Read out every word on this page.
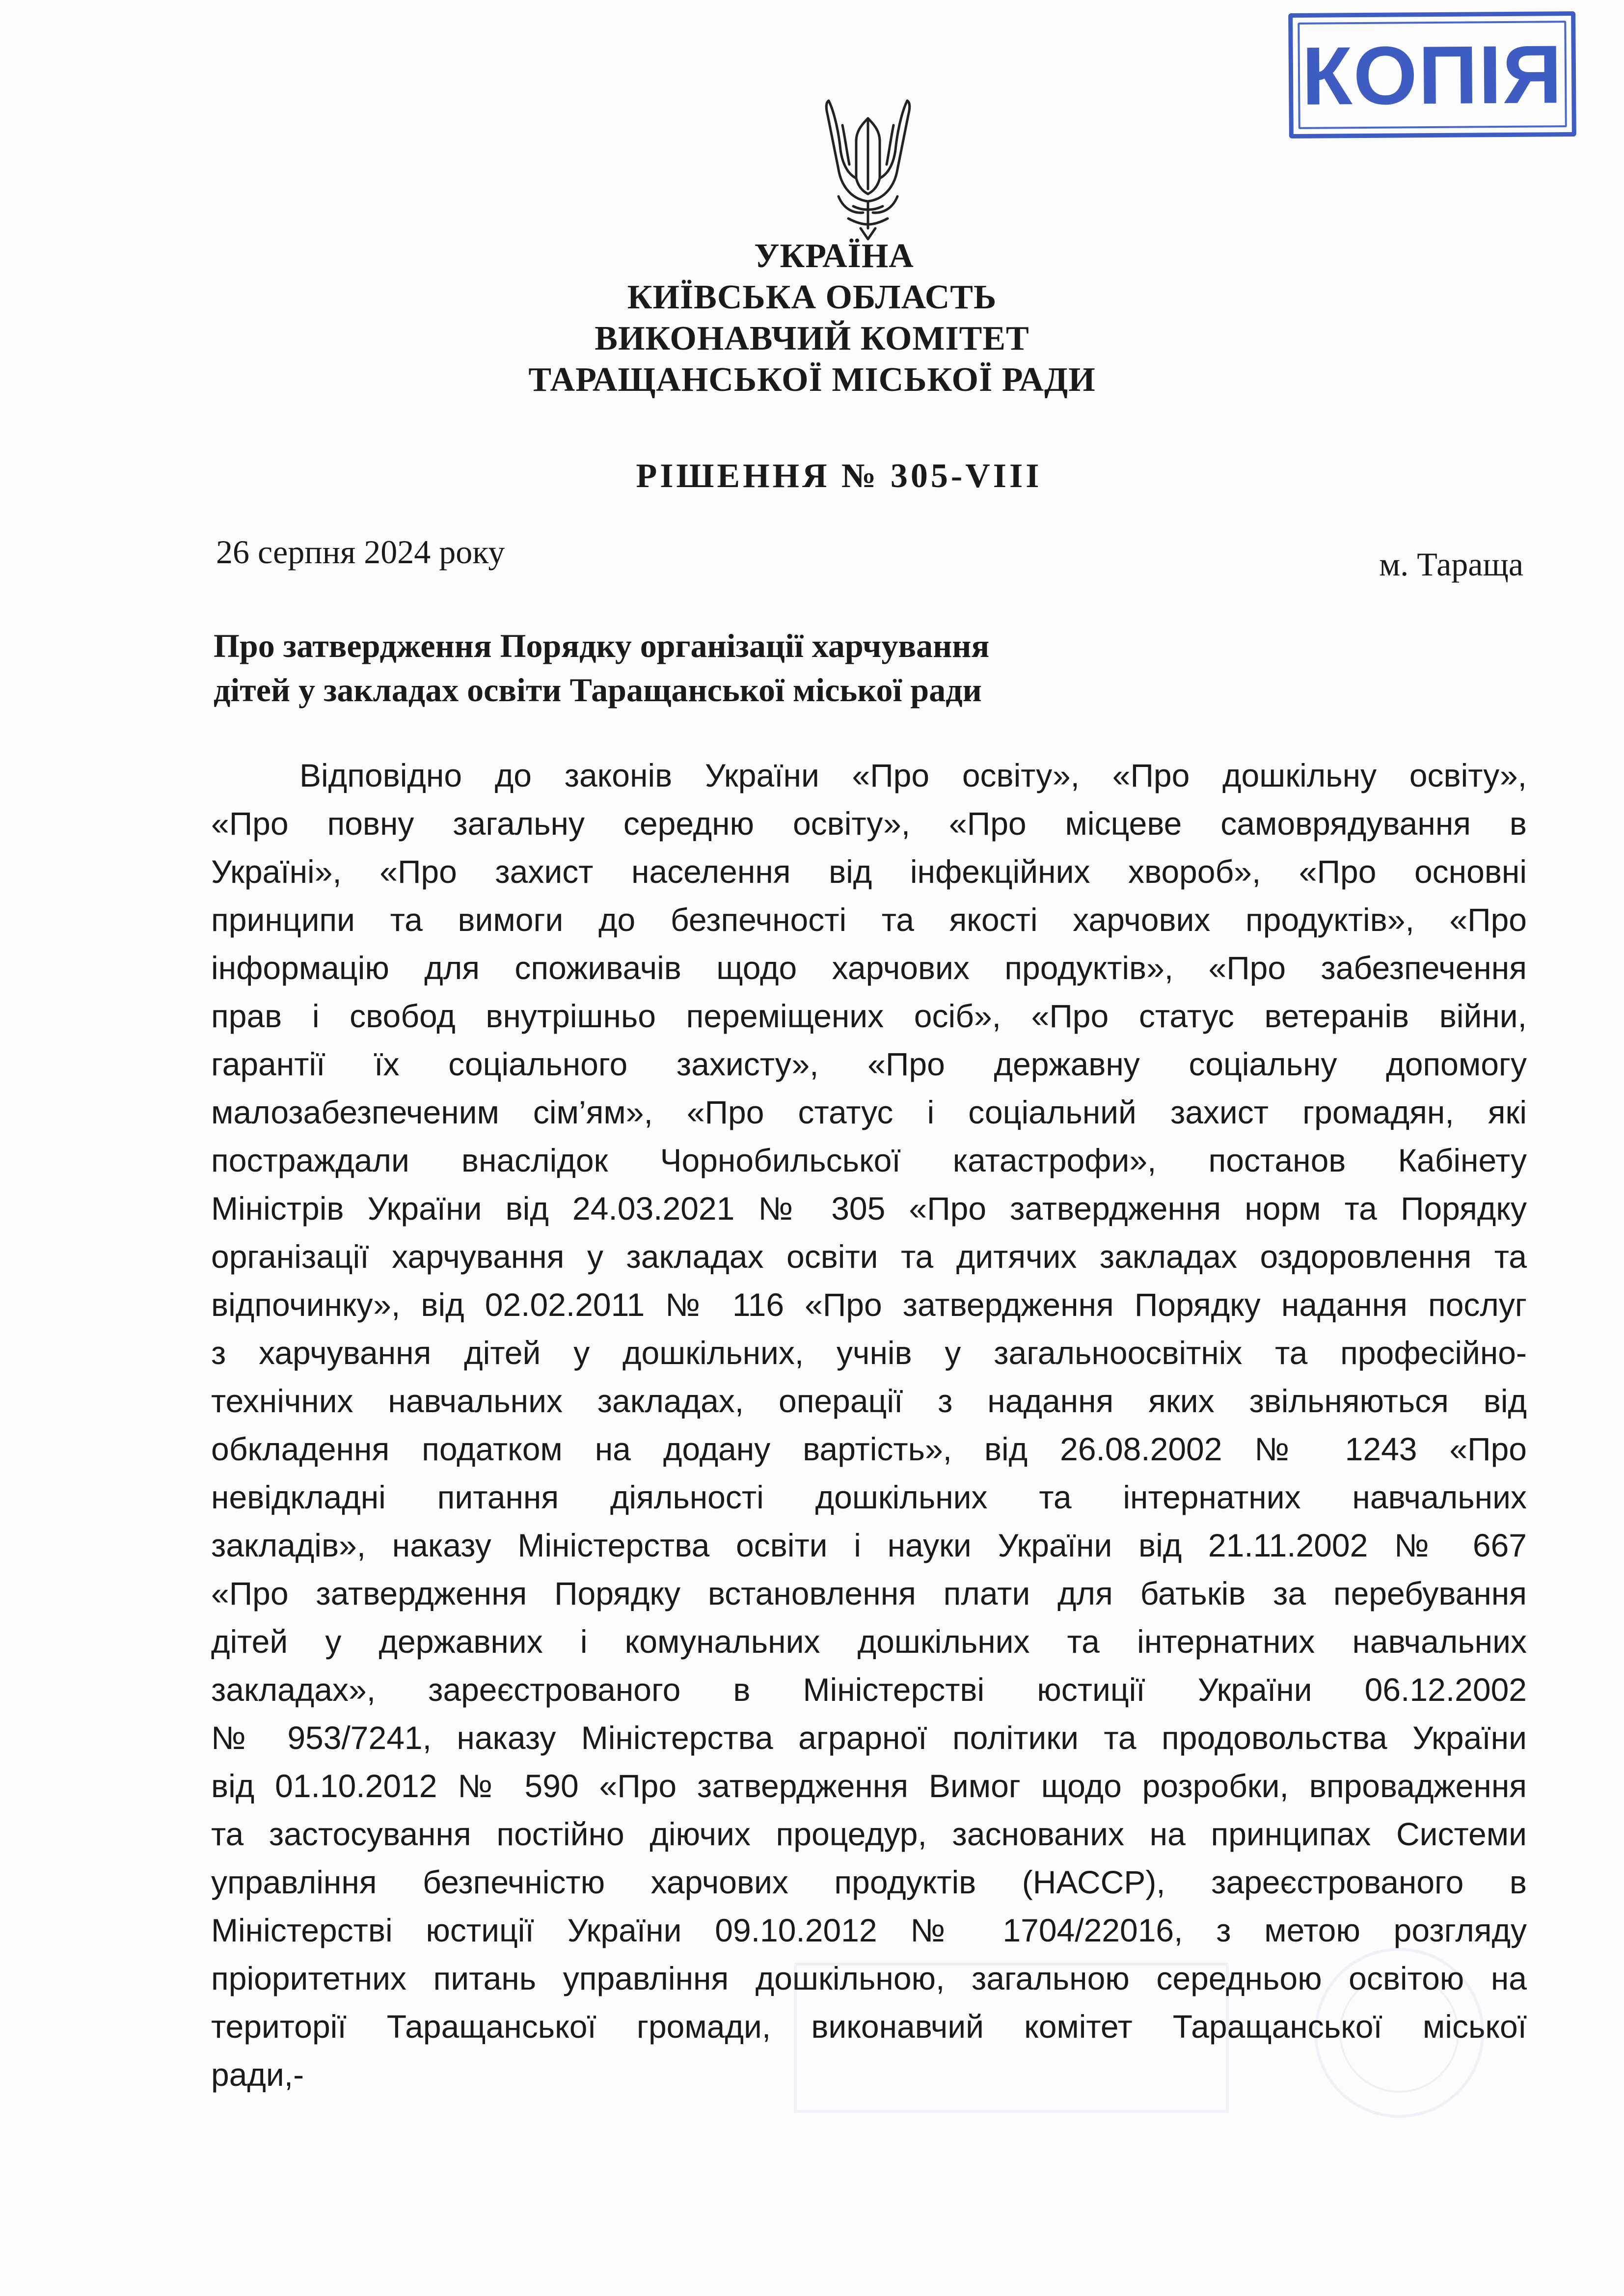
КОПІЯ
УКРАЇНА
КИЇВСЬКА ОБЛАСТЬ
ВИКОНАВЧИЙ КОМІТЕТ
ТАРАЩАНСЬКОЇ МІСЬКОЇ РАДИ
РІШЕННЯ № 305-VIII
26 серпня 2024 року	м. Тараща
Про затвердження Порядку організації харчування
дітей у закладах освіти Таращанської міської ради
Відповідно до законів України «Про освіту», «Про дошкільну освіту»,
«Про повну загальну середню освіту», «Про місцеве самоврядування в
Україні», «Про захист населення від інфекційних хвороб», «Про основні
принципи та вимоги до безпечності та якості харчових продуктів», «Про
інформацію для споживачів щодо харчових продуктів», «Про забезпечення
прав і свобод внутрішньо переміщених осіб», «Про статус ветеранів війни,
гарантії їх соціального захисту», «Про державну соціальну допомогу
малозабезпеченим сім’ям», «Про статус і соціальний захист громадян, які
постраждали внаслідок Чорнобильської катастрофи», постанов Кабінету
Міністрів України від 24.03.2021 № 305 «Про затвердження норм та Порядку
організації харчування у закладах освіти та дитячих закладах оздоровлення та
відпочинку», від 02.02.2011 № 116 «Про затвердження Порядку надання послуг
з харчування дітей у дошкільних, учнів у загальноосвітніх та професійно-
технічних навчальних закладах, операції з надання яких звільняються від
обкладення податком на додану вартість», від 26.08.2002 № 1243 «Про
невідкладні питання діяльності дошкільних та інтернатних навчальних
закладів», наказу Міністерства освіти і науки України від 21.11.2002 № 667
«Про затвердження Порядку встановлення плати для батьків за перебування
дітей у державних і комунальних дошкільних та інтернатних навчальних
закладах», зареєстрованого в Міністерстві юстиції України 06.12.2002
№ 953/7241, наказу Міністерства аграрної політики та продовольства України
від 01.10.2012 № 590 «Про затвердження Вимог щодо розробки, впровадження
та застосування постійно діючих процедур, заснованих на принципах Системи
управління безпечністю харчових продуктів (НАССР), зареєстрованого в
Міністерстві юстиції України 09.10.2012 № 1704/22016, з метою розгляду
пріоритетних питань управління дошкільною, загальною середньою освітою на
території Таращанської громади, виконавчий комітет Таращанської міської
ради,-
